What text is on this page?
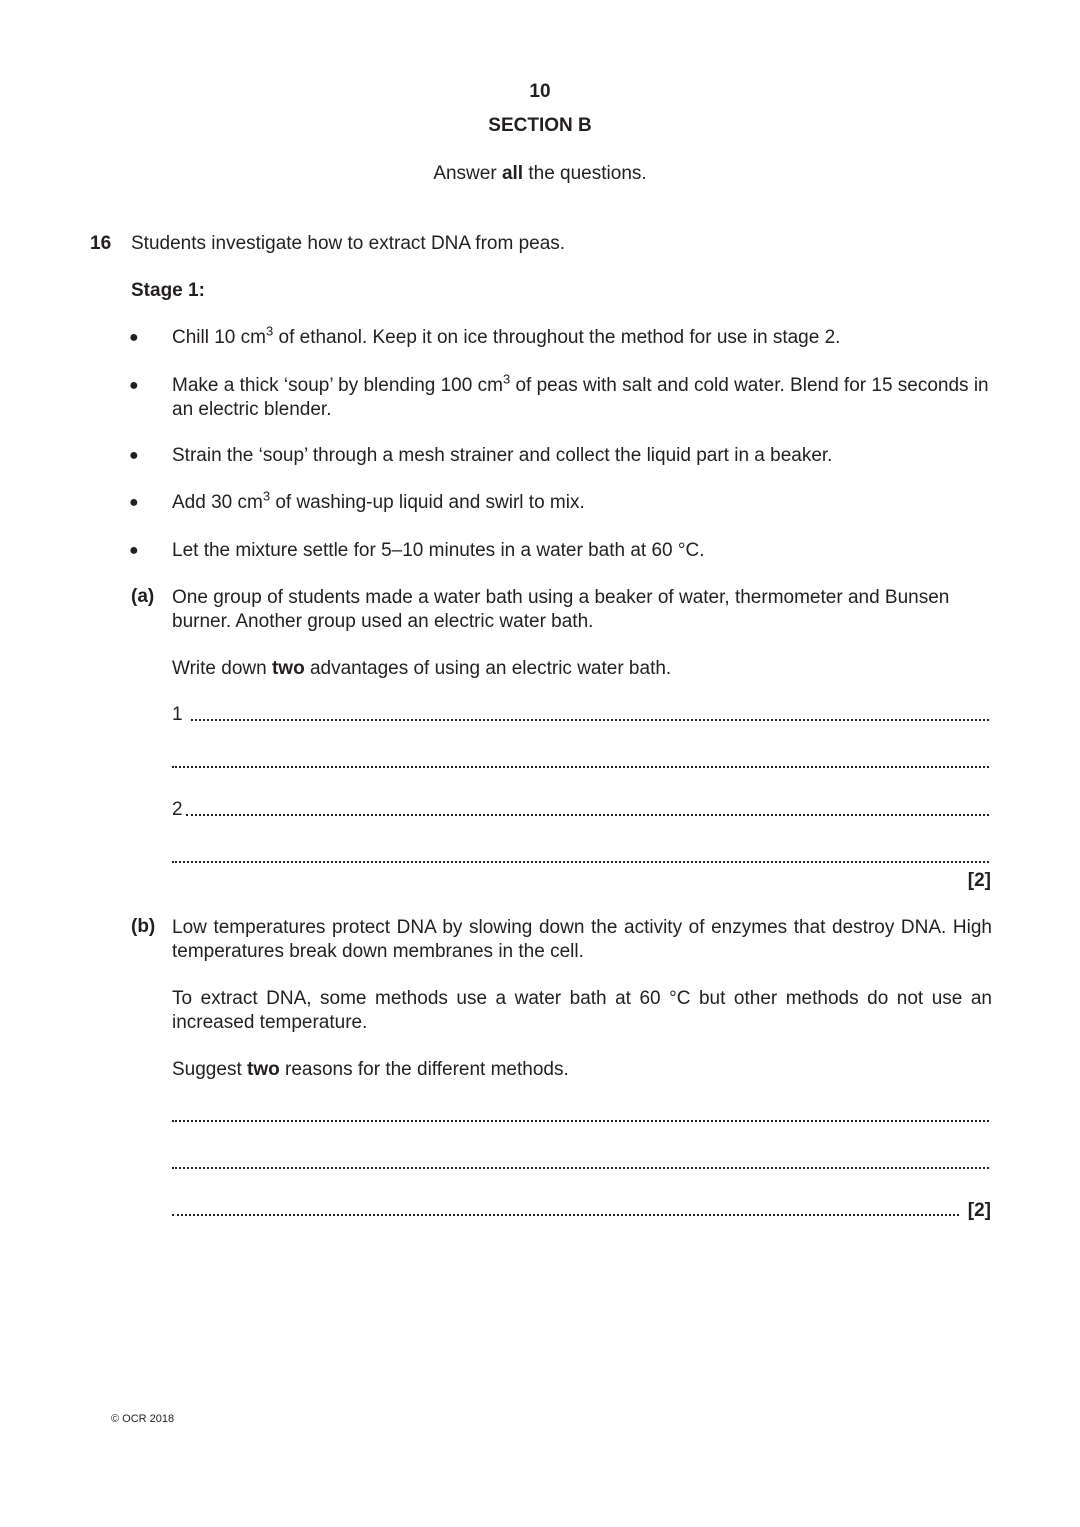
10
SECTION B
Answer all the questions.
16 Students investigate how to extract DNA from peas.
Stage 1:
● Chill 10 $cm^3$ of ethanol. Keep it on ice throughout the method for use in stage 2.
● Make a thick ‘soup’ by blending 100 $cm^3$ of peas with salt and cold water. Blend for 15 seconds in an electric blender.
● Strain the ‘soup’ through a mesh strainer and collect the liquid part in a beaker.
● Add 30 $cm^3$ of washing-up liquid and swirl to mix.
● Let the mixture settle for 5–10 minutes in a water bath at 60 °C.
(a) One group of students made a water bath using a beaker of water, thermometer and Bunsen burner. Another group used an electric water bath.
Write down two advantages of using an electric water bath.
1
2
[2]
(b) Low temperatures protect DNA by slowing down the activity of enzymes that destroy DNA. High temperatures break down membranes in the cell.
To extract DNA, some methods use a water bath at 60 °C but other methods do not use an increased temperature.
Suggest two reasons for the different methods.
[2]
© OCR 2018
